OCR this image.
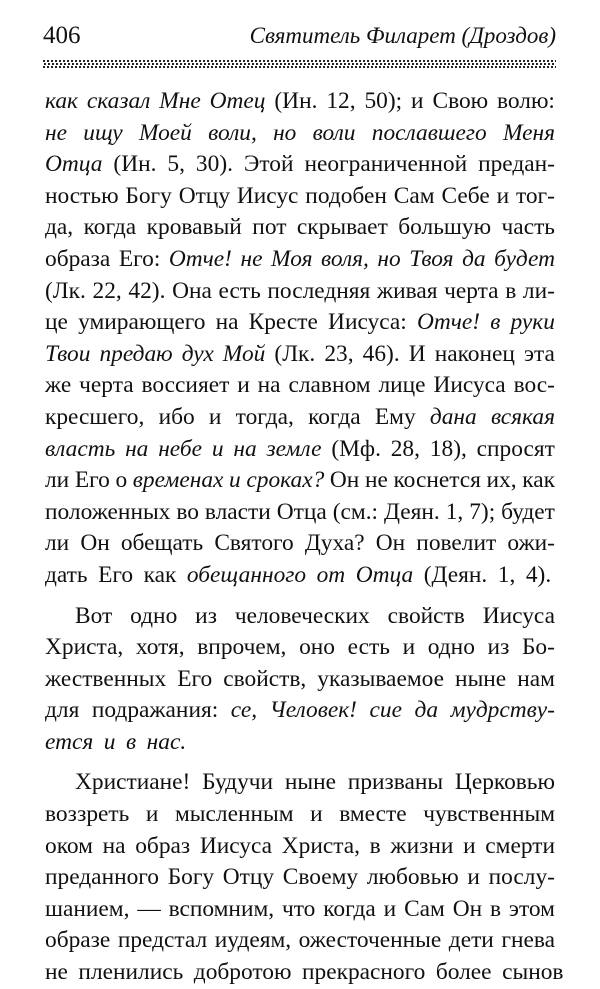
406	Святитель Филарет (Дроздов)
как сказал Мне Отец (Ин. 12, 50); и Свою волю:
не ищу Моей воли, но воли пославшего Меня
Отца (Ин. 5, 30). Этой неограниченной предан-
ностью Богу Отцу Иисус подобен Сам Себе и тог-
да, когда кровавый пот скрывает большую часть
образа Его: Отче! не Моя воля, но Твоя да будет
(Лк. 22, 42). Она есть последняя живая черта в ли-
це умирающего на Кресте Иисуса: Отче! в руки
Твои предаю дух Мой (Лк. 23, 46). И наконец эта
же черта воссияет и на славном лице Иисуса вос-
кресшего, ибо и тогда, когда Ему дана всякая
власть на небе и на земле (Мф. 28, 18), спросят
ли Его о временах и сроках? Он не коснется их, как
положенных во власти Отца (см.: Деян. 1, 7); будет
ли Он обещать Святого Духа? Он повелит ожи-
дать Его как обещанного от Отца (Деян. 1, 4).
Вот одно из человеческих свойств Иисуса
Христа, хотя, впрочем, оно есть и одно из Бо-
жественных Его свойств, указываемое ныне нам
для подражания: се, Человек! сие да мудрству-
ется и в нас.
Христиане! Будучи ныне призваны Церковью
воззреть и мысленным и вместе чувственным
оком на образ Иисуса Христа, в жизни и смерти
преданного Богу Отцу Своему любовью и послу-
шанием, — вспомним, что когда и Сам Он в этом
образе предстал иудеям, ожесточенные дети гнева
не пленились добротою прекрасного более сынов
